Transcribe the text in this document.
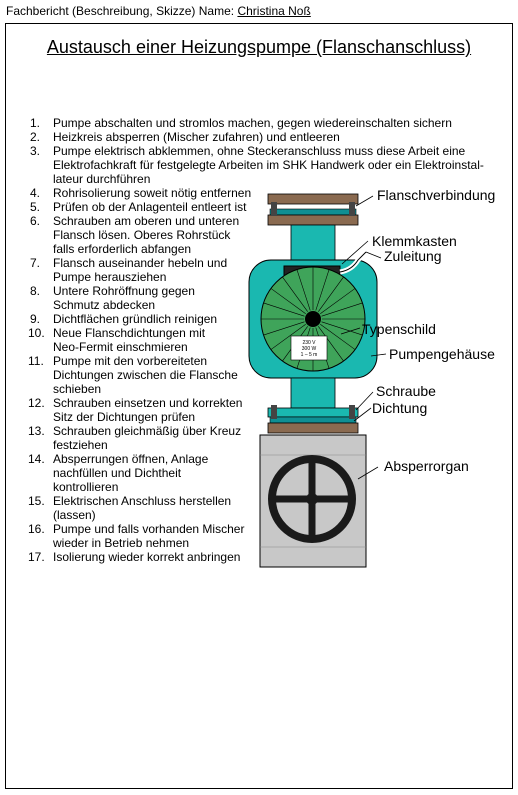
Fachbericht (Beschreibung, Skizze) Name: Christina Noß
Austausch einer Heizungspumpe (Flanschanschluss)
1.	Pumpe abschalten und stromlos machen, gegen wiedereinschalten sichern
2.	Heizkreis absperren (Mischer zufahren) und entleeren
3.	Pumpe elektrisch abklemmen, ohne Steckeranschluss muss diese Arbeit eine
Elektrofachkraft für festgelegte Arbeiten im SHK Handwerk oder ein Elektroinstal-
lateur durchführen
4.	Rohrisolierung soweit nötig entfernen
5.	Prüfen ob der Anlagenteil entleert ist
6.	Schrauben am oberen und unteren
Flansch lösen. Oberes Rohrstück
falls erforderlich abfangen
7.	Flansch auseinander hebeln und
Pumpe herausziehen
8.	Untere Rohröffnung gegen
Schmutz abdecken
9.	Dichtflächen gründlich reinigen
10. Neue Flanschdichtungen mit
Neo-Fermit einschmieren
11. Pumpe mit den vorbereiteten
Dichtungen zwischen die Flansche
schieben
12. Schrauben einsetzen und korrekten
Sitz der Dichtungen prüfen
13. Schrauben gleichmäßig über Kreuz
festziehen
14. Absperrungen öffnen, Anlage
nachfüllen und Dichtheit
kontrollieren
15. Elektrischen Anschluss herstellen
(lassen)
16. Pumpe und falls vorhanden Mischer
wieder in Betrieb nehmen
17. Isolierung wieder korrekt anbringen
230 V
300 W
1 – 5 m
Flanschverbindung
Klemmkasten
Zuleitung
Typenschild
Pumpengehäuse
Schraube
Dichtung
Absperrorgan
